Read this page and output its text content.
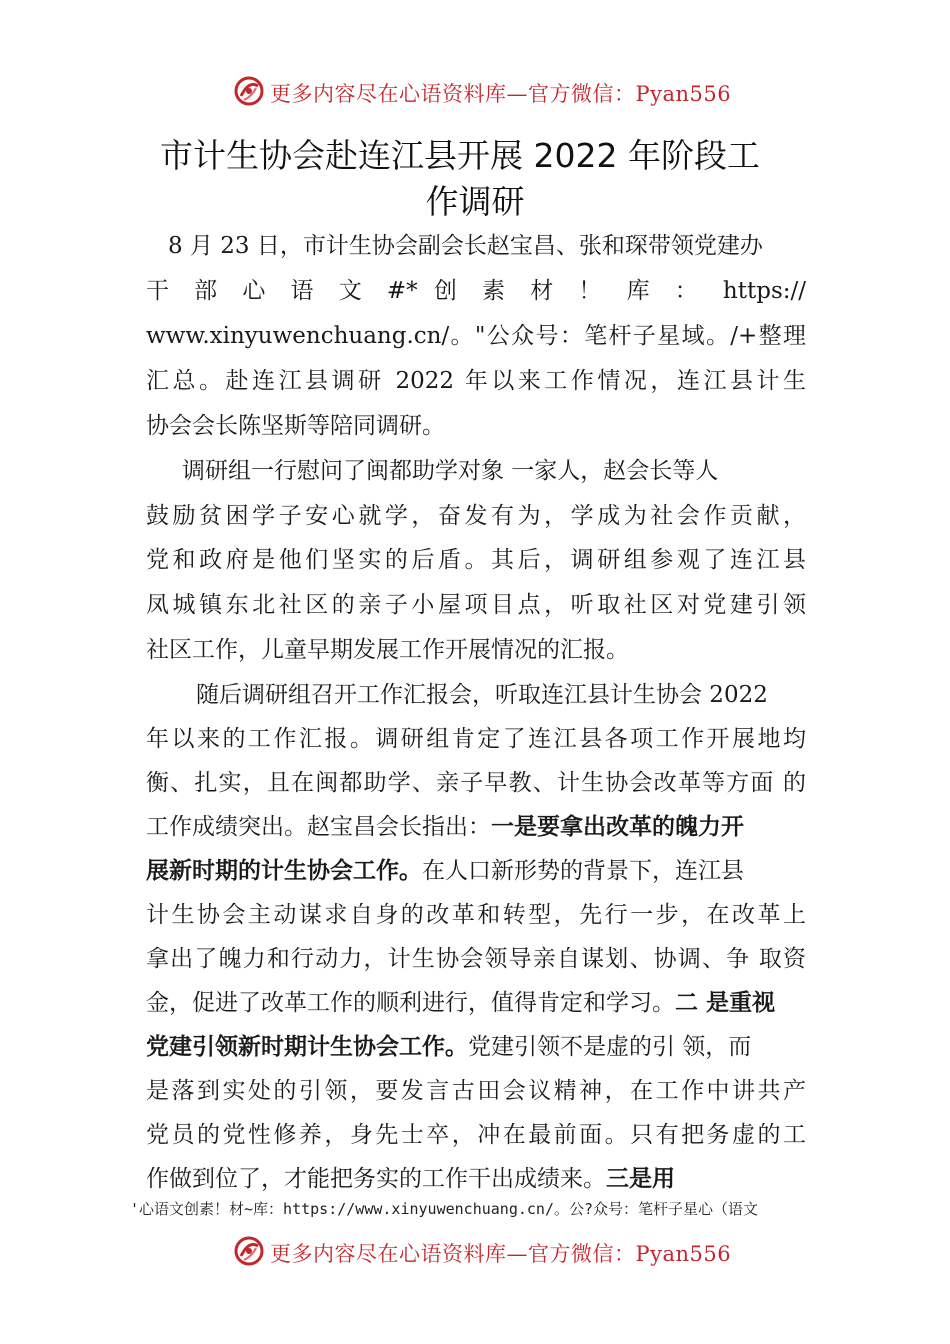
更多内容尽在心语资料库—官方微信：Pyan556
市计生协会赴连江县开展 2022 年阶段工
作调研
8 月 23 日，市计生协会副会长赵宝昌、张和琛带领党建办
干 部 心 语 文 #* 创 素 材 ！ 库 ： https://
www.xinyuwenchuang.cn/。"公众号：笔杆子星域。/+整理
汇总。赴连江县调研 2022 年以来工作情况，连江县计生
协会会长陈坚斯等陪同调研。
调研组一行慰问了闽都助学对象 一家人，赵会长等人
鼓励贫困学子安心就学，奋发有为，学成为社会作贡献，
党和政府是他们坚实的后盾。其后，调研组参观了连江县
凤城镇东北社区的亲子小屋项目点，听取社区对党建引领
社区工作，儿童早期发展工作开展情况的汇报。
随后调研组召开工作汇报会，听取连江县计生协会 2022
年以来的工作汇报。调研组肯定了连江县各项工作开展地均
衡、扎实，且在闽都助学、亲子早教、计生协会改革等方面 的
工作成绩突出。赵宝昌会长指出：一是要拿出改革的魄力开
展新时期的计生协会工作。在人口新形势的背景下，连江县
计生协会主动谋求自身的改革和转型，先行一步，在改革上
拿出了魄力和行动力，计生协会领导亲自谋划、协调、争 取资
金，促进了改革工作的顺利进行，值得肯定和学习。二 是重视
党建引领新时期计生协会工作。党建引领不是虚的引 领，而
是落到实处的引领，要发言古田会议精神，在工作中讲共产
党员的党性修养，身先士卒，冲在最前面。只有把务虚的工
作做到位了，才能把务实的工作干出成绩来。三是用
'心语文创素！材~库：https://www.xinyuwenchuang.cn/。公?众号：笔杆子星心（语文
更多内容尽在心语资料库—官方微信：Pyan556
